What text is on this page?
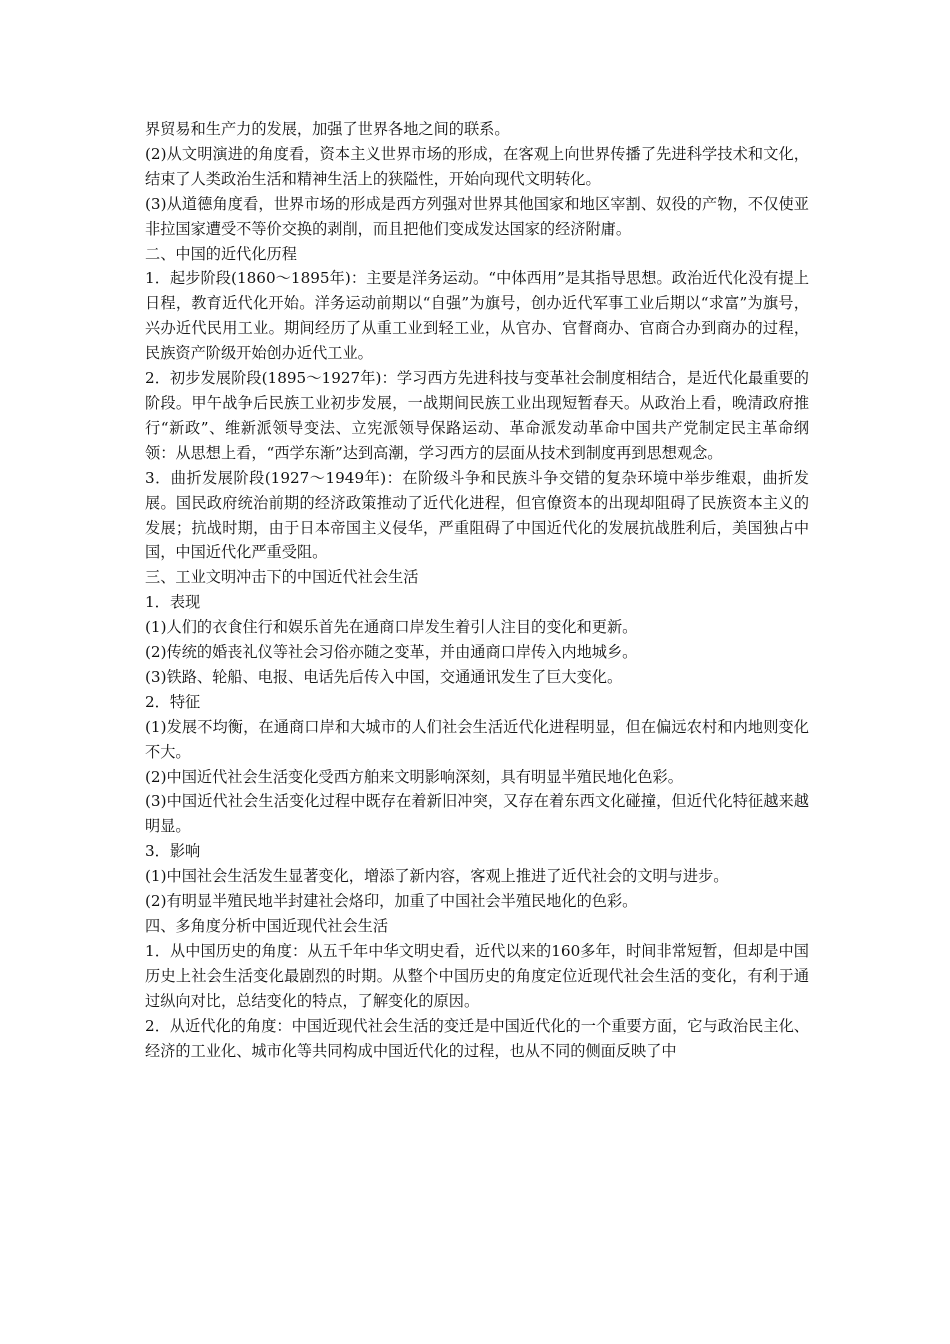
界贸易和生产力的发展，加强了世界各地之间的联系。

(2)从文明演进的角度看，资本主义世界市场的形成，在客观上向世界传播了先进科学技术和文化，结束了人类政治生活和精神生活上的狭隘性，开始向现代文明转化。

(3)从道德角度看，世界市场的形成是西方列强对世界其他国家和地区宰割、奴役的产物，不仅使亚非拉国家遭受不等价交换的剥削，而且把他们变成发达国家的经济附庸。

二、中国的近代化历程

1．起步阶段(1860～1895年)：主要是洋务运动。“中体西用”是其指导思想。政治近代化没有提上日程，教育近代化开始。洋务运动前期以“自强”为旗号，创办近代军事工业后期以“求富”为旗号，兴办近代民用工业。期间经历了从重工业到轻工业，从官办、官督商办、官商合办到商办的过程，民族资产阶级开始创办近代工业。

2．初步发展阶段(1895～1927年)：学习西方先进科技与变革社会制度相结合，是近代化最重要的阶段。甲午战争后民族工业初步发展，一战期间民族工业出现短暂春天。从政治上看，晚清政府推行“新政”、维新派领导变法、立宪派领导保路运动、革命派发动革命中国共产党制定民主革命纲领：从思想上看，“西学东渐”达到高潮，学习西方的层面从技术到制度再到思想观念。

3．曲折发展阶段(1927～1949年)：在阶级斗争和民族斗争交错的复杂环境中举步维艰，曲折发展。国民政府统治前期的经济政策推动了近代化进程，但官僚资本的出现却阻碍了民族资本主义的发展；抗战时期，由于日本帝国主义侵华，严重阻碍了中国近代化的发展抗战胜利后，美国独占中国，中国近代化严重受阻。

三、工业文明冲击下的中国近代社会生活

1．表现

(1)人们的衣食住行和娱乐首先在通商口岸发生着引人注目的变化和更新。

(2)传统的婚丧礼仪等社会习俗亦随之变革，并由通商口岸传入内地城乡。

(3)铁路、轮船、电报、电话先后传入中国，交通通讯发生了巨大变化。

2．特征

(1)发展不均衡，在通商口岸和大城市的人们社会生活近代化进程明显，但在偏远农村和内地则变化不大。

(2)中国近代社会生活变化受西方舶来文明影响深刻，具有明显半殖民地化色彩。

(3)中国近代社会生活变化过程中既存在着新旧冲突，又存在着东西文化碰撞，但近代化特征越来越明显。

3．影响

(1)中国社会生活发生显著变化，增添了新内容，客观上推进了近代社会的文明与进步。

(2)有明显半殖民地半封建社会烙印，加重了中国社会半殖民地化的色彩。

四、多角度分析中国近现代社会生活

1．从中国历史的角度：从五千年中华文明史看，近代以来的160多年，时间非常短暂，但却是中国历史上社会生活变化最剧烈的时期。从整个中国历史的角度定位近现代社会生活的变化，有利于通过纵向对比，总结变化的特点，了解变化的原因。

2．从近代化的角度：中国近现代社会生活的变迁是中国近代化的一个重要方面，它与政治民主化、经济的工业化、城市化等共同构成中国近代化的过程，也从不同的侧面反映了中
